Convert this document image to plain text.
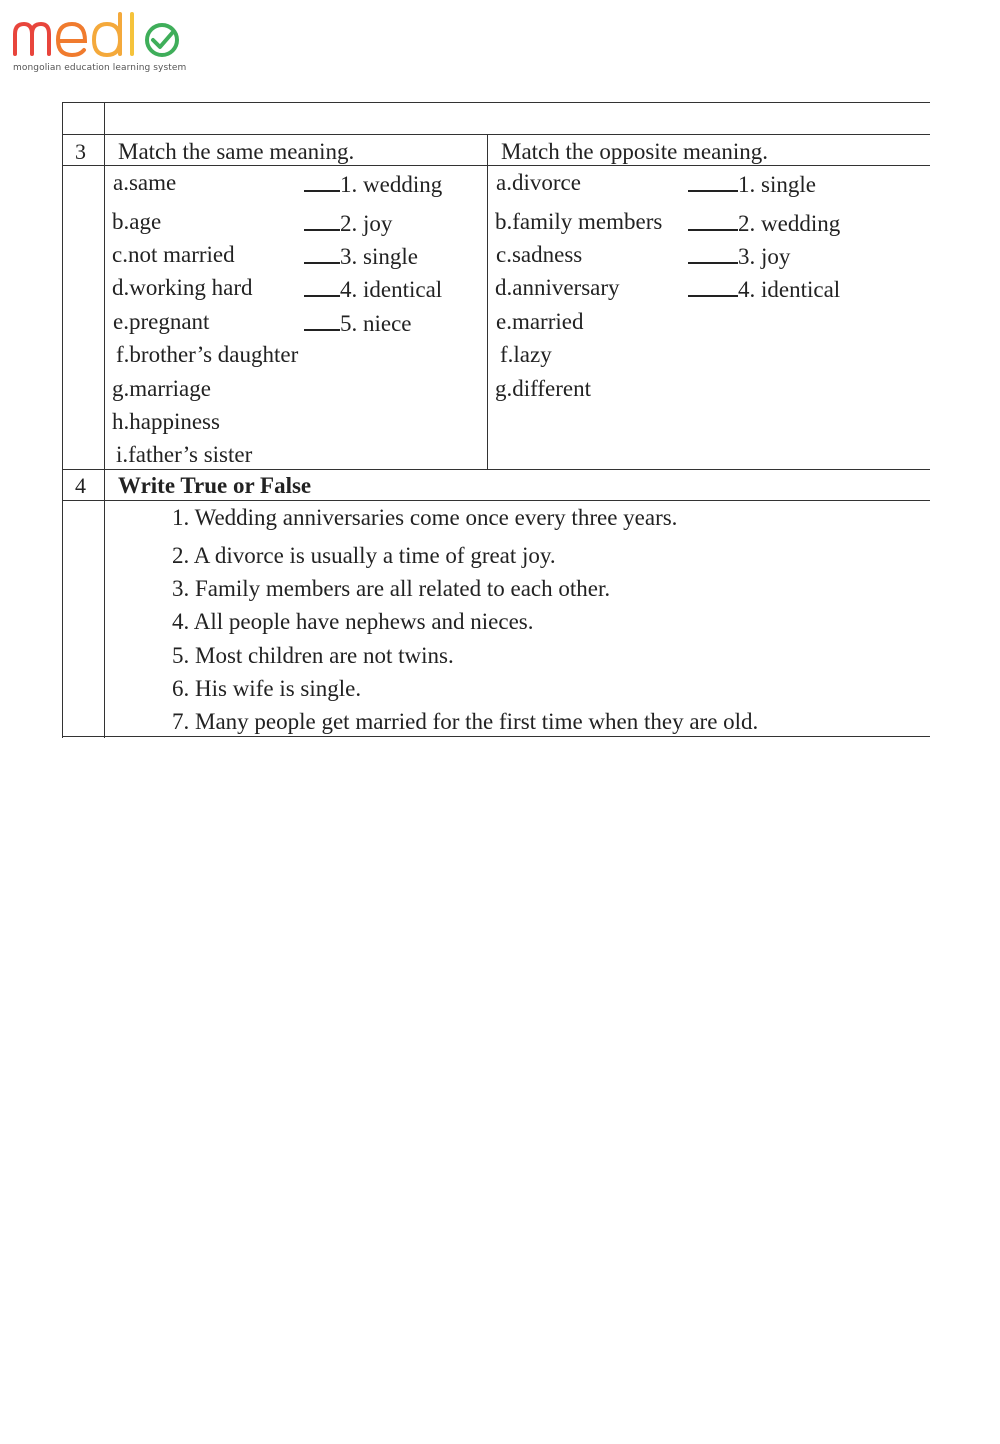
mongolian education learning system
3 Match the same meaning.	Match the opposite meaning.
a.same
b.age
c.not married
d.working hard
e.pregnant
f.brother’s daughter
g.marriage
h.happiness
i.father’s sister
1. wedding
2. joy
3. single
4. identical
5. niece
a.divorce
b.family members
c.sadness
d.anniversary
e.married
f.lazy
g.different
1. single
2. wedding
3. joy
4. identical
4 Write True or False
1. Wedding anniversaries come once every three years.
2. A divorce is usually a time of great joy.
3. Family members are all related to each other.
4. All people have nephews and nieces.
5. Most children are not twins.
6. His wife is single.
7. Many people get married for the first time when they are old.
